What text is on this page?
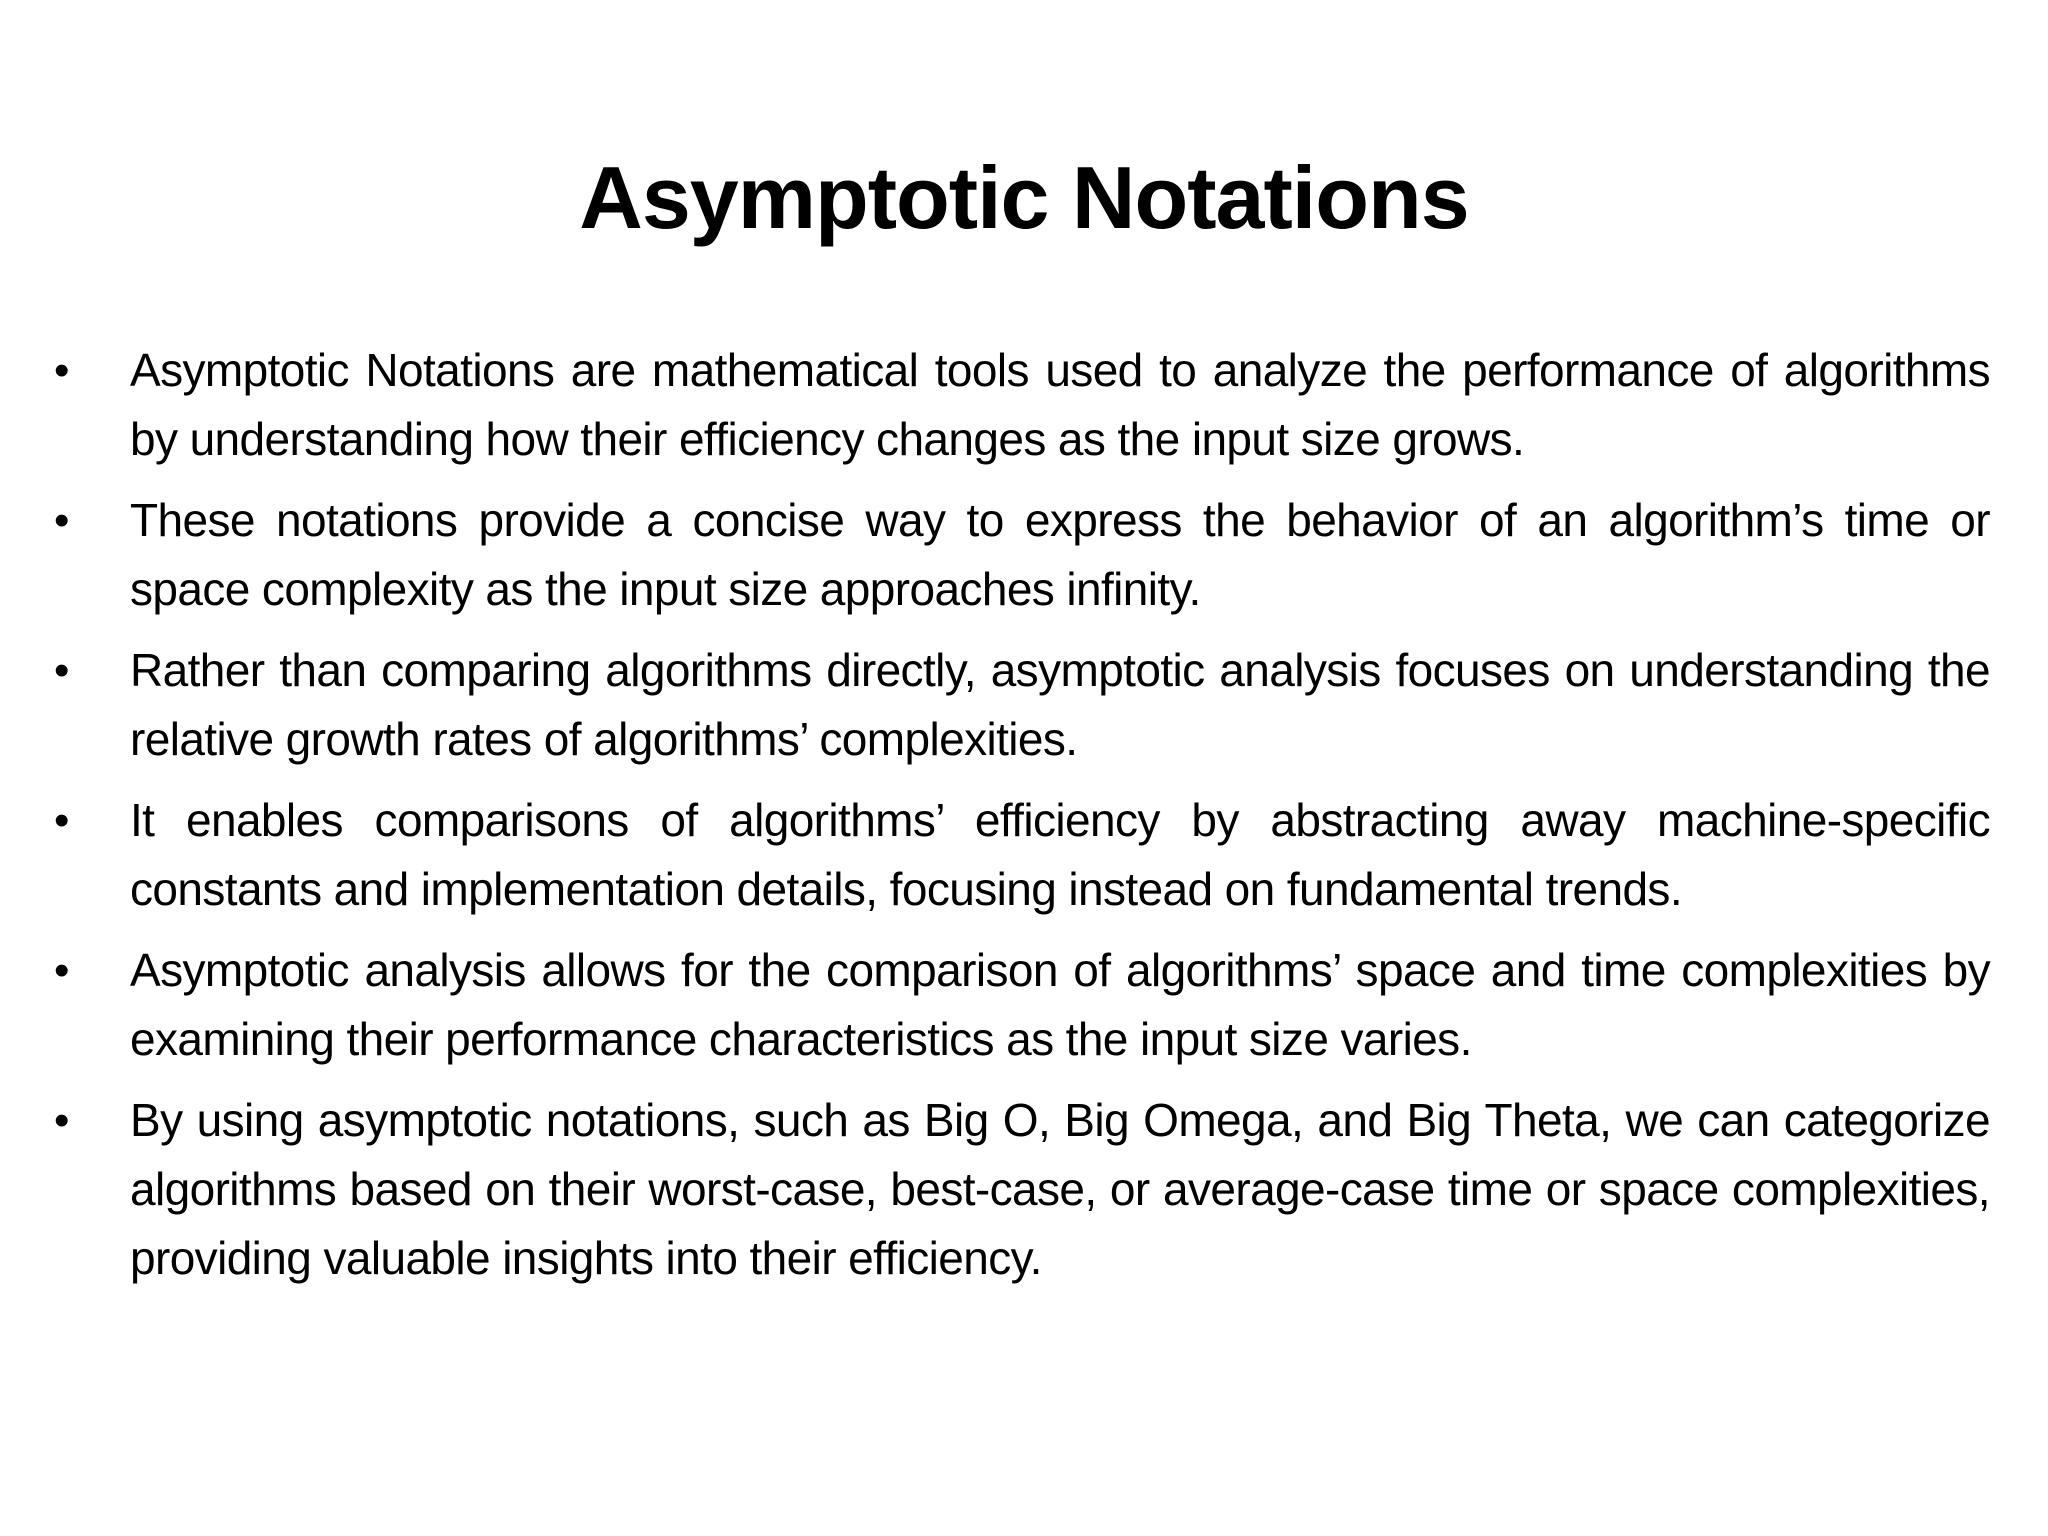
Asymptotic Notations
• Asymptotic Notations are mathematical tools used to analyze the performance of algorithms by understanding how their efficiency changes as the input size grows.
• These notations provide a concise way to express the behavior of an algorithm’s time or space complexity as the input size approaches infinity.
• Rather than comparing algorithms directly, asymptotic analysis focuses on understanding the relative growth rates of algorithms’ complexities.
• It enables comparisons of algorithms’ efficiency by abstracting away machine-specific constants and implementation details, focusing instead on fundamental trends.
• Asymptotic analysis allows for the comparison of algorithms’ space and time complexities by examining their performance characteristics as the input size varies.
• By using asymptotic notations, such as Big O, Big Omega, and Big Theta, we can categorize algorithms based on their worst-case, best-case, or average-case time or space complexities, providing valuable insights into their efficiency.
